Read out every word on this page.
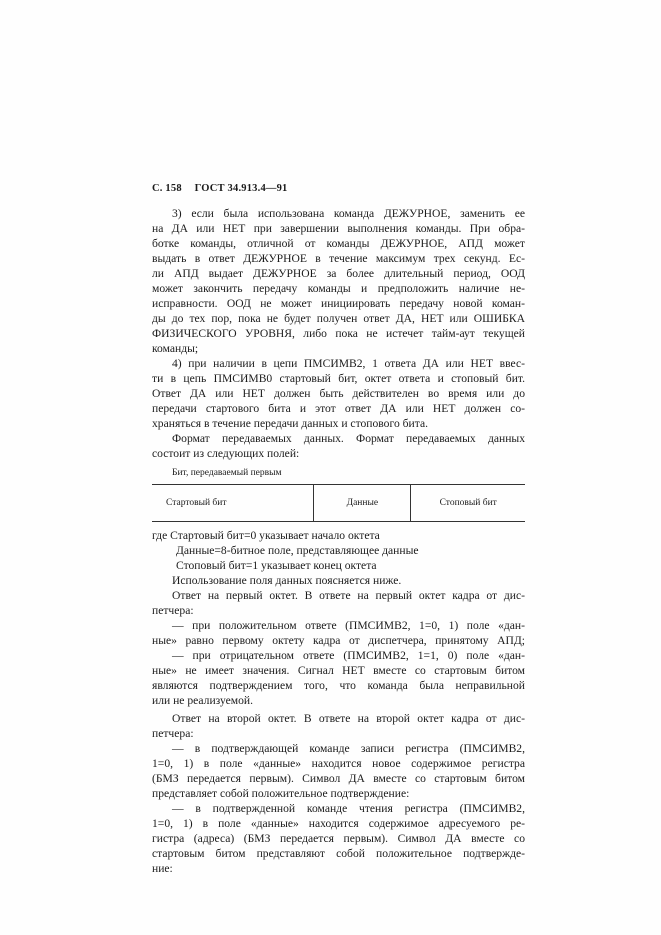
С. 158 ГОСТ 34.913.4—91
3) если была использована команда ДЕЖУРНОЕ, заменить ее
на ДА или НЕТ при завершении выполнения команды. При обра-
ботке команды, отличной от команды ДЕЖУРНОЕ, АПД может
выдать в ответ ДЕЖУРНОЕ в течение максимум трех секунд. Ес-
ли АПД выдает ДЕЖУРНОЕ за более длительный период, ООД
может закончить передачу команды и предположить наличие не-
исправности. ООД не может инициировать передачу новой коман-
ды до тех пор, пока не будет получен ответ ДА, НЕТ или ОШИБКА
ФИЗИЧЕСКОГО УРОВНЯ, либо пока не истечет тайм-аут текущей
команды;
4) при наличии в цепи ПМСИМВ2, 1 ответа ДА или НЕТ ввес-
ти в цепь ПМСИМВ0 стартовый бит, октет ответа и стоповый бит.
Ответ ДА или НЕТ должен быть действителен во время или до
передачи стартового бита и этот ответ ДА или НЕТ должен со-
храняться в течение передачи данных и стопового бита.
Формат передаваемых данных. Формат передаваемых данных
состоит из следующих полей:
Бит, передаваемый первым
Стартовый бит	Данные	Стоповый бит
где Стартовый бит=0 указывает начало октета
Данные=8-битное поле, представляющее данные
Стоповый бит=1 указывает конец октета
Использование поля данных поясняется ниже.
Ответ на первый октет. В ответе на первый октет кадра от дис-
петчера:
— при положительном ответе (ПМСИМВ2, 1=0, 1) поле «дан-
ные» равно первому октету кадра от диспетчера, принятому АПД;
— при отрицательном ответе (ПМСИМВ2, 1=1, 0) поле «дан-
ные» не имеет значения. Сигнал НЕТ вместе со стартовым битом
являются подтверждением того, что команда была неправильной
или не реализуемой.
Ответ на второй октет. В ответе на второй октет кадра от дис-
петчера:
— в подтверждающей команде записи регистра (ПМСИМВ2,
1=0, 1) в поле «данные» находится новое содержимое регистра
(БМЗ передается первым). Символ ДА вместе со стартовым битом
представляет собой положительное подтверждение:
— в подтвержденной команде чтения регистра (ПМСИМВ2,
1=0, 1) в поле «данные» находится содержимое адресуемого ре-
гистра (адреса) (БМЗ передается первым). Символ ДА вместе со
стартовым битом представляют собой положительное подтвержде-
ние:
